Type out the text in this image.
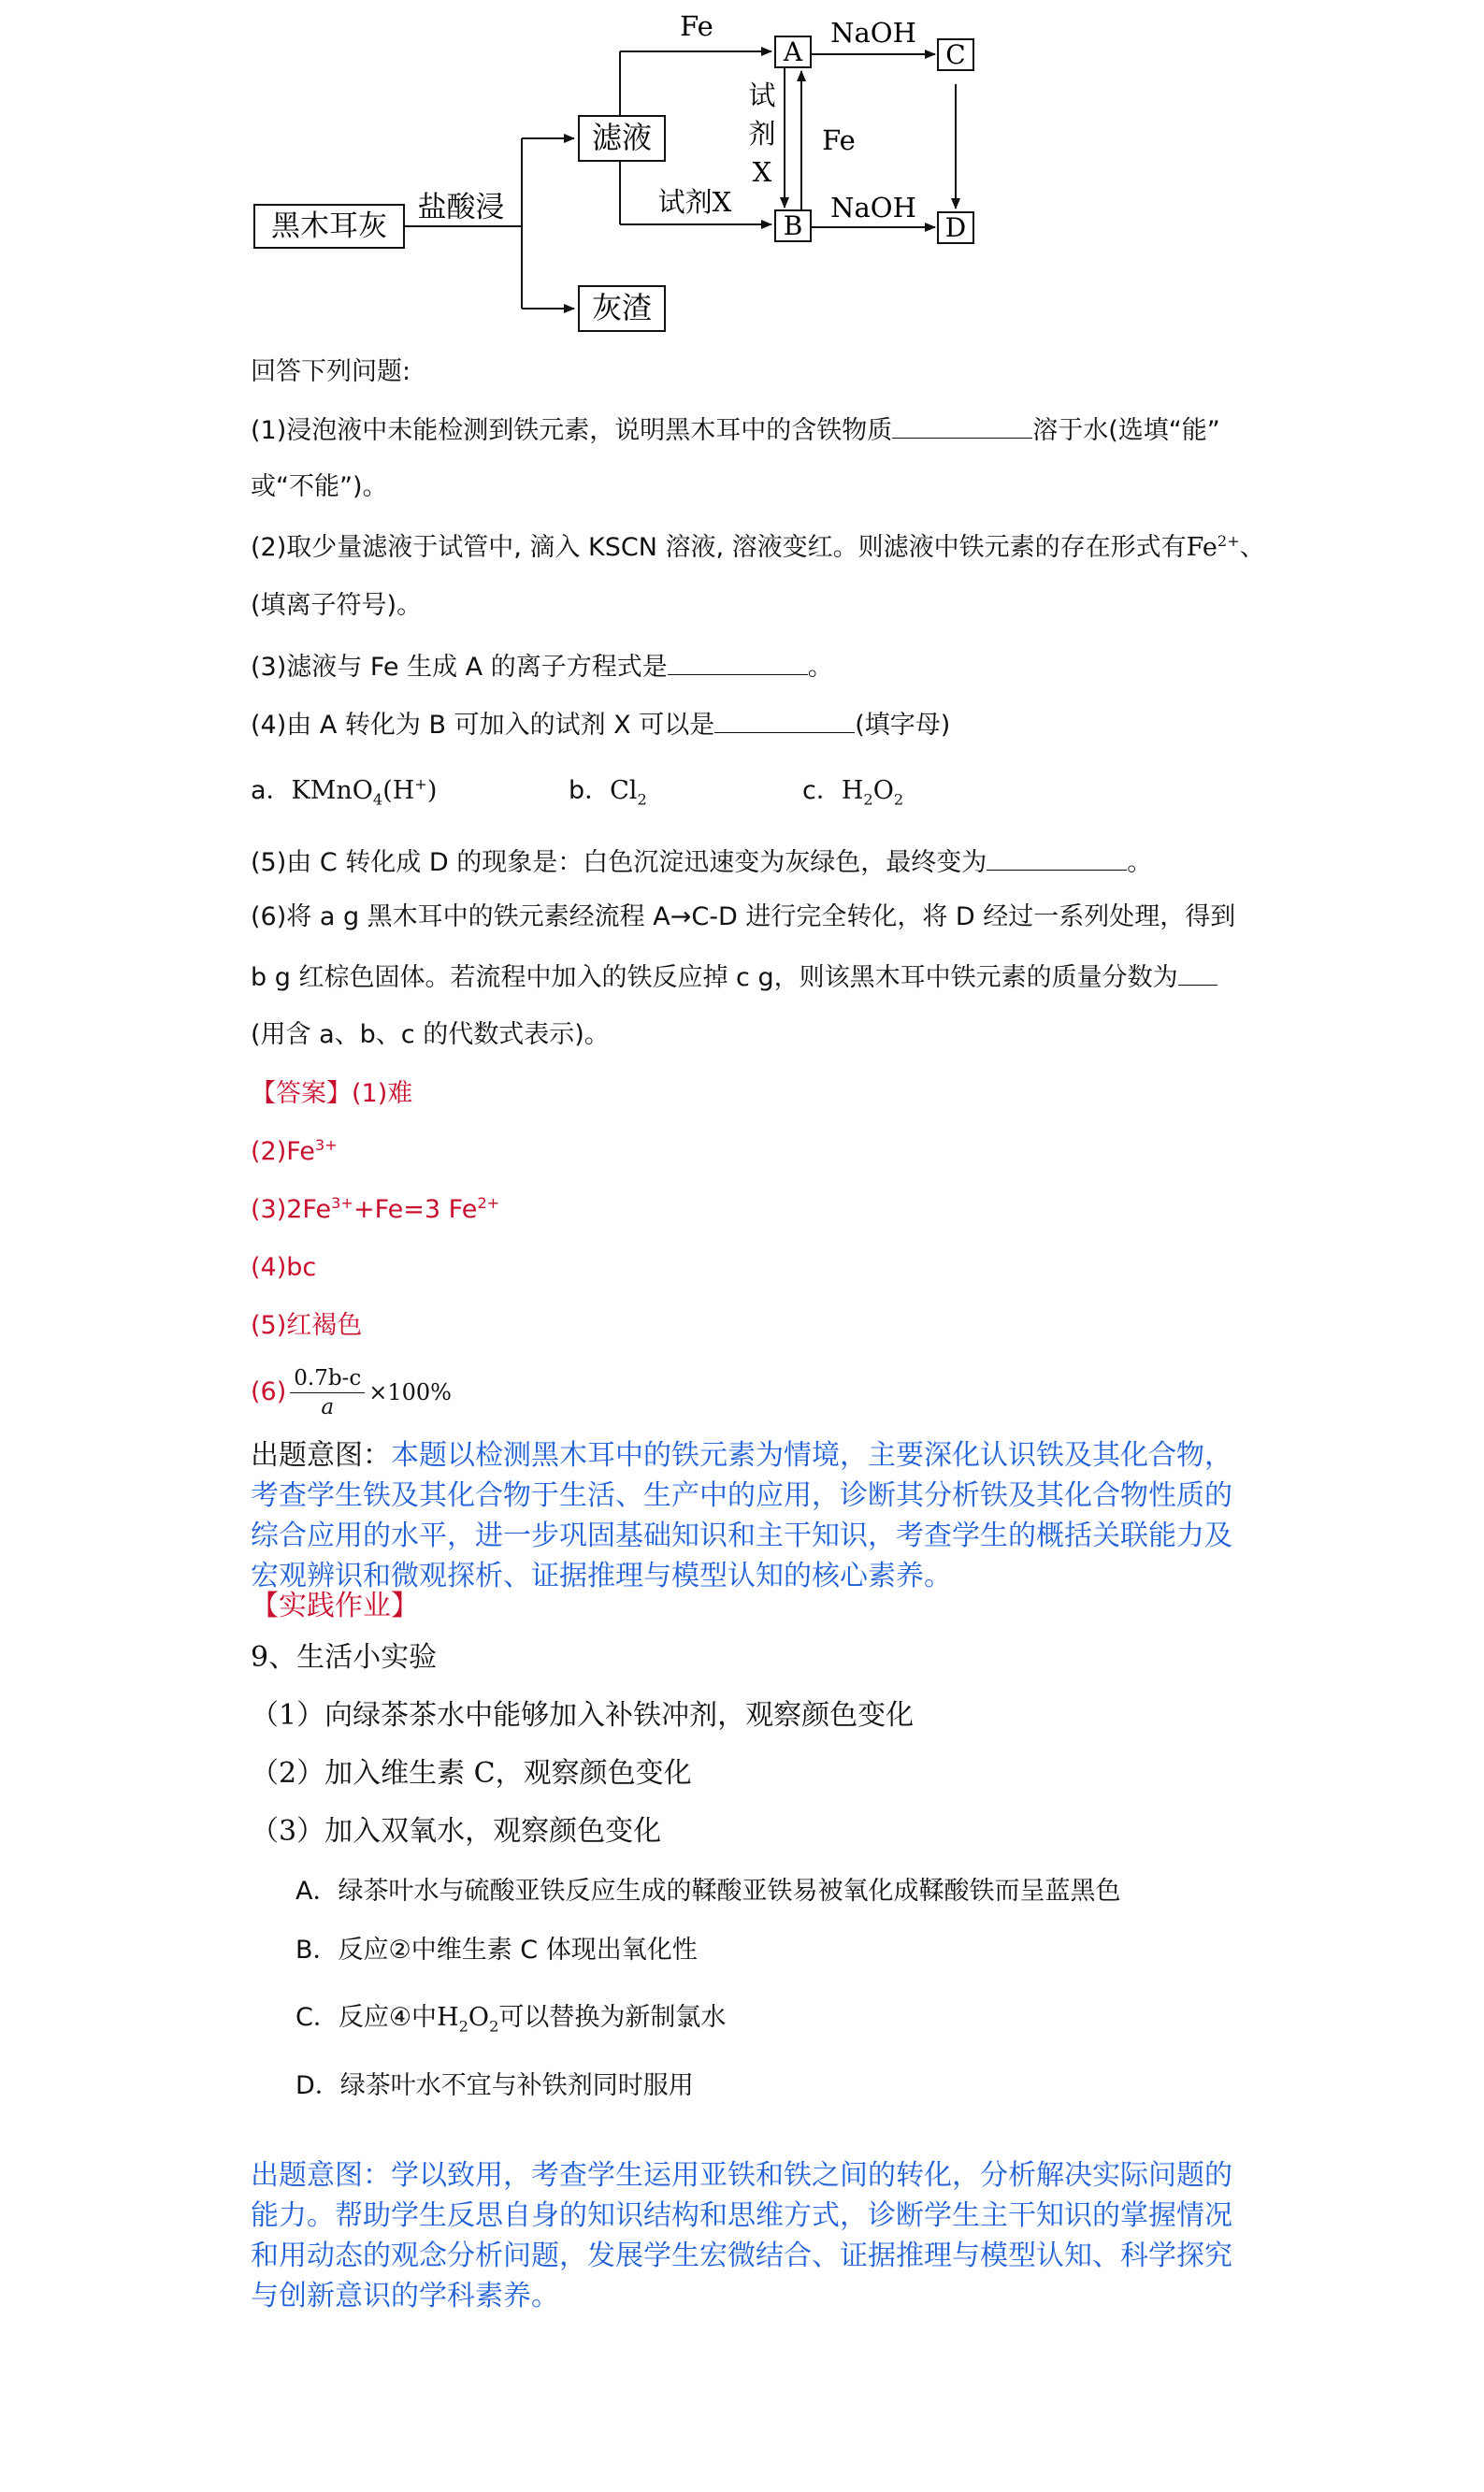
黑木耳灰
盐酸浸
滤液
灰渣
Fe
试剂X
A
B
C
D
NaOH
NaOH
试
剂
X
Fe
回答下列问题:
(1)浸泡液中未能检测到铁元素，说明黑木耳中的含铁物质	溶于水(选填“能”
或“不能”)。
(2)取少量滤液于试管中, 滴入 KSCN 溶液, 溶液变红。则滤液中铁元素的存在形式有$Fe^{2+}$、
(填离子符号)。
(3)滤液与 Fe 生成 A 的离子方程式是	。
(4)由 A 转化为 B 可加入的试剂 X 可以是	(填字母)
a．KMnO$_4$(H+)	b．$Cl_2$	c．$H_2O_2$
(5)由 C 转化成 D 的现象是：白色沉淀迅速变为灰绿色，最终变为	。
(6)将 a g 黑木耳中的铁元素经流程 A→C-D 进行完全转化，将 D 经过一系列处理，得到
b g 红棕色固体。若流程中加入的铁反应掉 c g，则该黑木耳中铁元素的质量分数为
(用含 a、b、c 的代数式表示)。
【答案】(1)难
$(2)Fe^{3+}$
$(3)2Fe^{3+}+Fe=3$ $Fe^{2+}$
(4)bc
(5)红褐色
$(6) \frac{0.7b-c}{a} \times 100\%$
出题意图：本题以检测黑木耳中的铁元素为情境，主要深化认识铁及其化合物，考查学生铁及其化合物于生活、生产中的应用，诊断其分析铁及其化合物性质的综合应用的水平，进一步巩固基础知识和主干知识，考查学生的概括关联能力及宏观辨识和微观探析、证据推理与模型认知的核心素养。
【实践作业】
9、生活小实验
（1）向绿茶茶水中能够加入补铁冲剂，观察颜色变化
（2）加入维生素 C，观察颜色变化
（3）加入双氧水，观察颜色变化
A．绿茶叶水与硫酸亚铁反应生成的鞣酸亚铁易被氧化成鞣酸铁而呈蓝黑色
B．反应②中维生素 C 体现出氧化性
C．反应④中$H_2O_2$可以替换为新制氯水
D．绿茶叶水不宜与补铁剂同时服用
出题意图：学以致用，考查学生运用亚铁和铁之间的转化，分析解决实际问题的能力。帮助学生反思自身的知识结构和思维方式，诊断学生主干知识的掌握情况和用动态的观念分析问题，发展学生宏微结合、证据推理与模型认知、科学探究与创新意识的学科素养。
